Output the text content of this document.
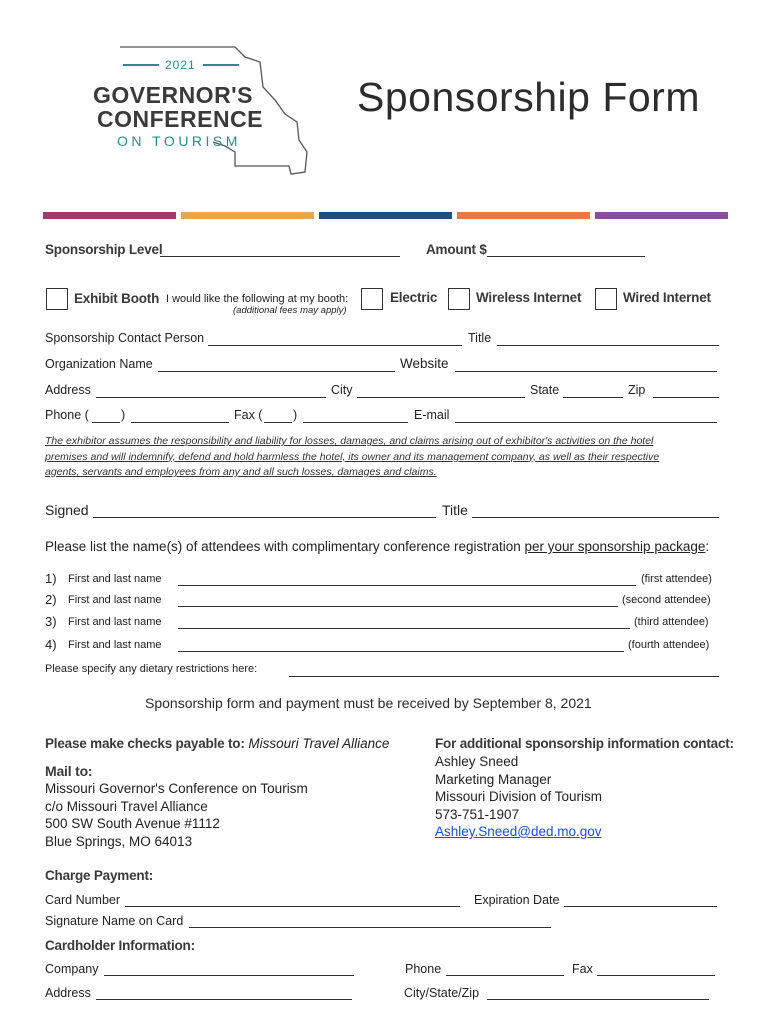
2021
GOVERNOR'S
CONFERENCE
ON TOURISM
Sponsorship Form
Sponsorship Level	Amount $
Exhibit Booth I would like the following at my booth:
(additional fees may apply)
Electric	Wireless Internet	Wired Internet
Sponsorship Contact Person	Title
Organization Name	Website
Address	City	State	Zip
Phone (	)	Fax ( )	E-mail
The exhibitor assumes the responsibility and liability for losses, damages, and claims arising out of exhibitor's activities on the hotel
premises and will indemnify, defend and hold harmless the hotel, its owner and its management company, as well as their respective
agents, servants and employees from any and all such losses, damages and claims.
Signed	Title
Please list the name(s) of attendees with complimentary conference registration per your sponsorship package:
1) First and last name	(first attendee)
2) First and last name	(second attendee)
3) First and last name	(third attendee)
4) First and last name	(fourth attendee)
Please specify any dietary restrictions here:
Sponsorship form and payment must be received by September 8, 2021
Please make checks payable to: Missouri Travel Alliance
Mail to:
Missouri Governor's Conference on Tourism
c/o Missouri Travel Alliance
500 SW South Avenue #1112
Blue Springs, MO 64013
For additional sponsorship information contact:
Ashley Sneed
Marketing Manager
Missouri Division of Tourism
573-751-1907
Ashley.Sneed@ded.mo.gov
Charge Payment:
Card Number	Expiration Date
Signature Name on Card
Cardholder Information:
Company	Phone	Fax
Address	City/State/Zip
